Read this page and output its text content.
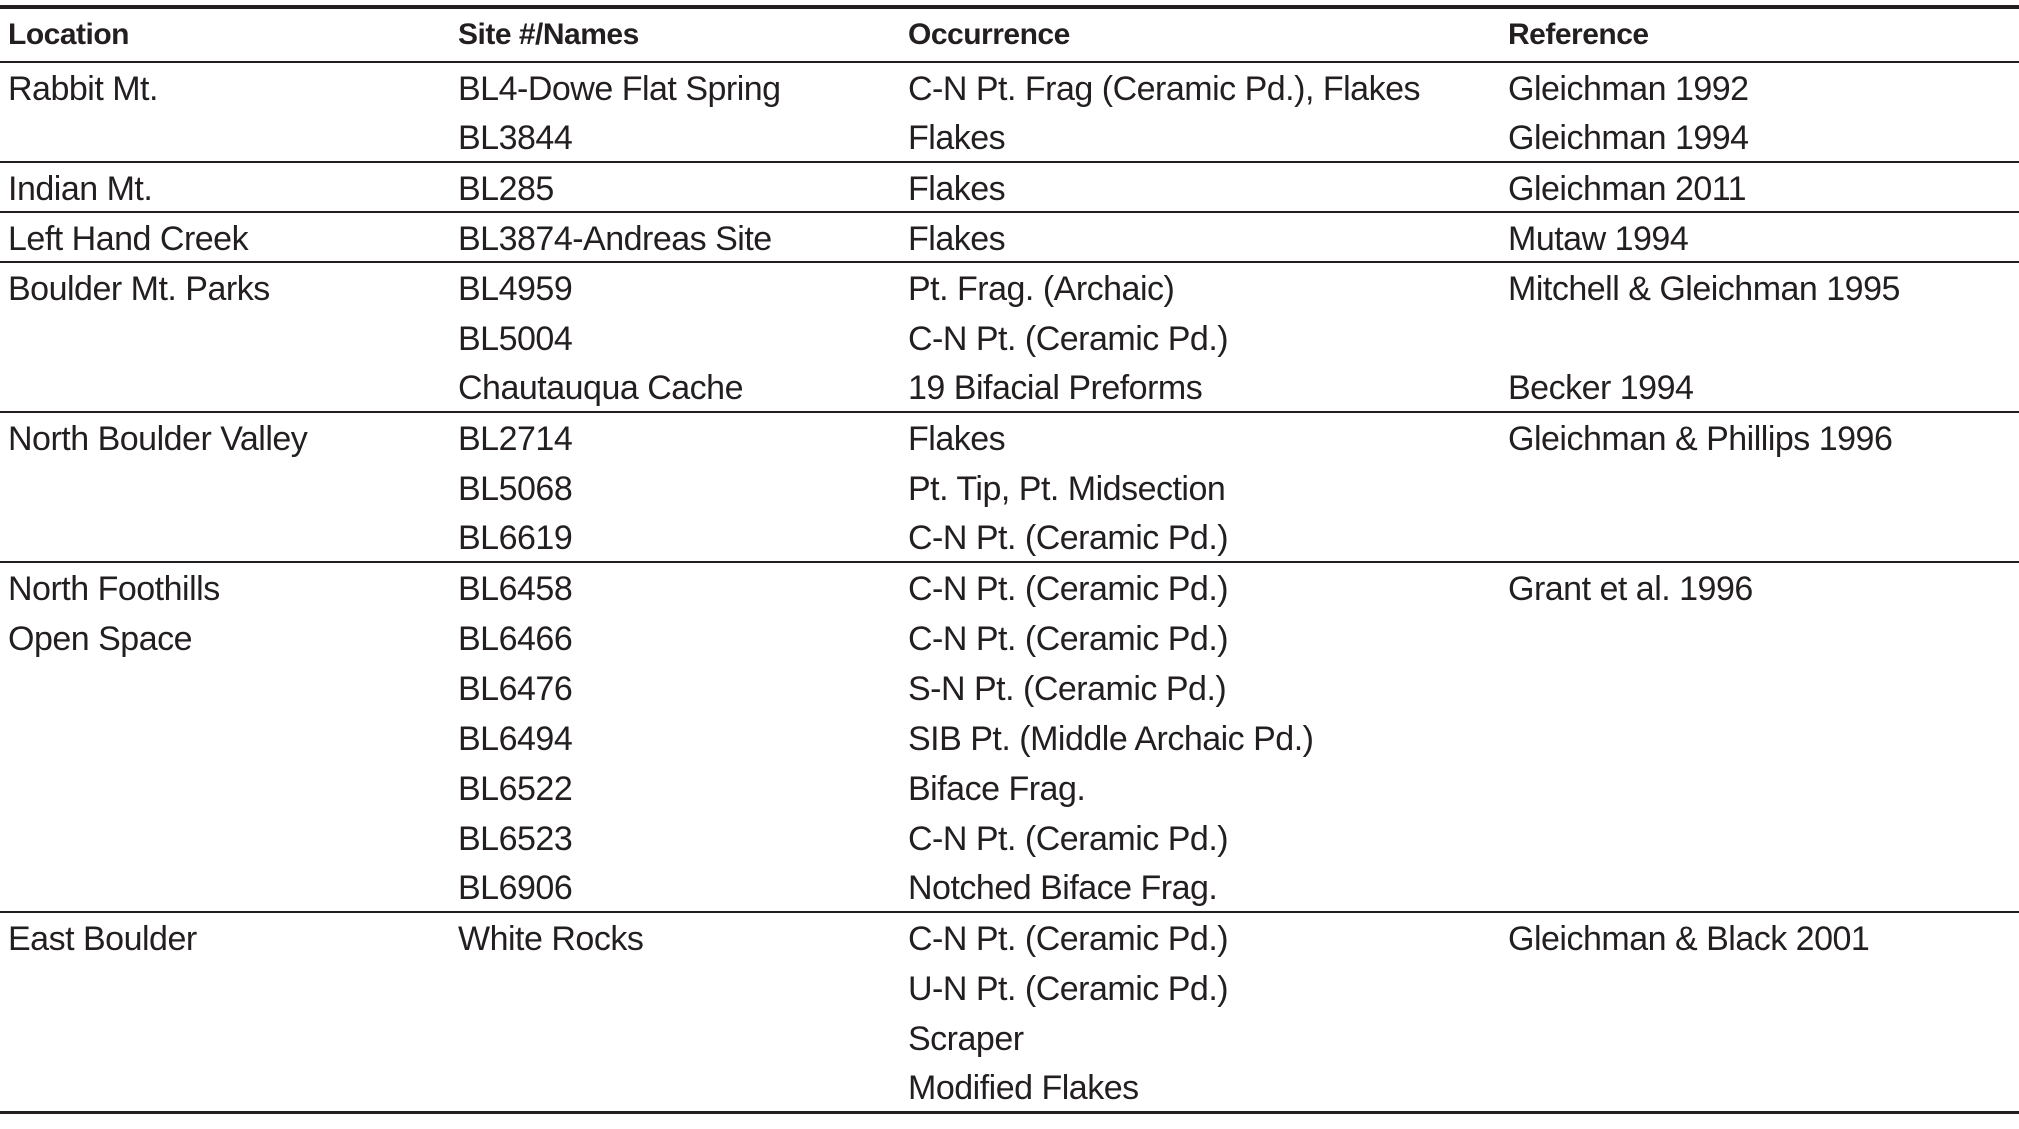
Location	Site #/Names	Occurrence	Reference
Rabbit Mt.	BL4-Dowe Flat Spring	C-N Pt. Frag (Ceramic Pd.), Flakes	Gleichman 1992
	BL3844	Flakes	Gleichman 1994
Indian Mt.	BL285	Flakes	Gleichman 2011
Left Hand Creek	BL3874-Andreas Site	Flakes	Mutaw 1994
Boulder Mt. Parks	BL4959	Pt. Frag. (Archaic)	Mitchell & Gleichman 1995
	BL5004	C-N Pt. (Ceramic Pd.)	
	Chautauqua Cache	19 Bifacial Preforms	Becker 1994
North Boulder Valley	BL2714	Flakes	Gleichman & Phillips 1996
	BL5068	Pt. Tip, Pt. Midsection	
	BL6619	C-N Pt. (Ceramic Pd.)	
North Foothills	BL6458	C-N Pt. (Ceramic Pd.)	Grant et al. 1996
Open Space	BL6466	C-N Pt. (Ceramic Pd.)	
	BL6476	S-N Pt. (Ceramic Pd.)	
	BL6494	SIB Pt. (Middle Archaic Pd.)	
	BL6522	Biface Frag.	
	BL6523	C-N Pt. (Ceramic Pd.)	
	BL6906	Notched Biface Frag.	
East Boulder	White Rocks	C-N Pt. (Ceramic Pd.)	Gleichman & Black 2001
		U-N Pt. (Ceramic Pd.)	
		Scraper	
		Modified Flakes	
